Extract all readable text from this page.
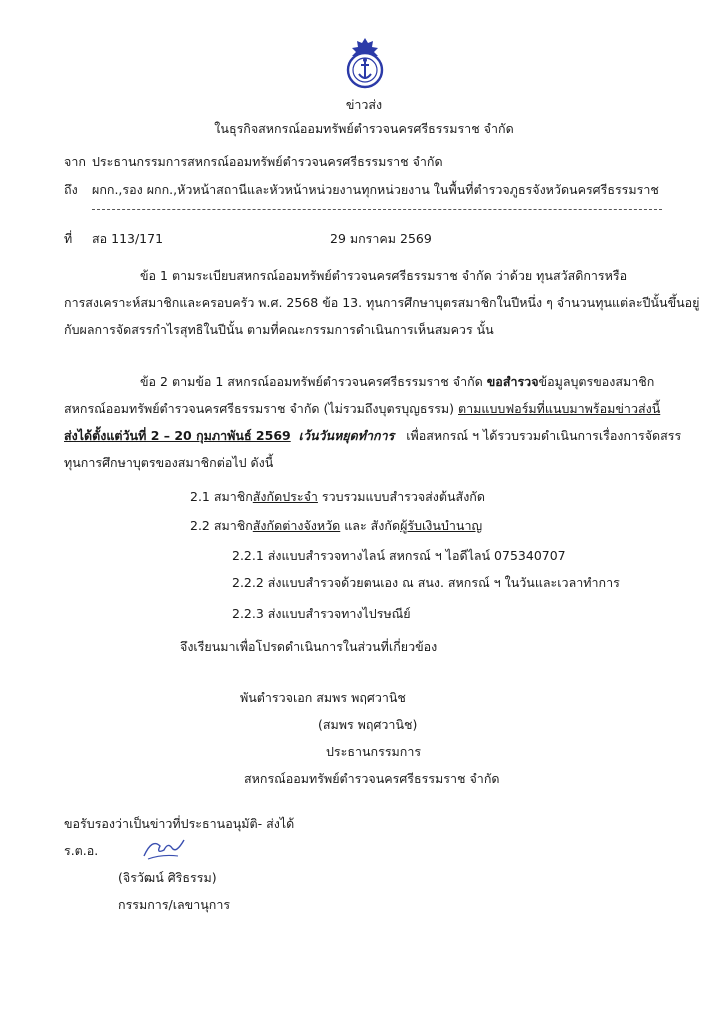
ข่าวส่ง
ในธุรกิจสหกรณ์ออมทรัพย์ตำรวจนครศรีธรรมราช จำกัด
จาก ประธานกรรมการสหกรณ์ออมทรัพย์ตำรวจนครศรีธรรมราช จำกัด
ถึง ผกก.,รอง ผกก.,หัวหน้าสถานีและหัวหน้าหน่วยงานทุกหน่วยงาน ในพื้นที่ตำรวจภูธรจังหวัดนครศรีธรรมราช
ที่ สอ 113/171	29 มกราคม 2569
ข้อ 1 ตามระเบียบสหกรณ์ออมทรัพย์ตำรวจนครศรีธรรมราช จำกัด ว่าด้วย ทุนสวัสดิการหรือ
การสงเคราะห์สมาชิกและครอบครัว พ.ศ. 2568 ข้อ 13. ทุนการศึกษาบุตรสมาชิกในปีหนึ่ง ๆ จำนวนทุนแต่ละปีนั้นขึ้นอยู่
กับผลการจัดสรรกำไรสุทธิในปีนั้น ตามที่คณะกรรมการดำเนินการเห็นสมควร นั้น
ข้อ 2 ตามข้อ 1 สหกรณ์ออมทรัพย์ตำรวจนครศรีธรรมราช จำกัด ขอสำรวจข้อมูลบุตรของสมาชิก
สหกรณ์ออมทรัพย์ตำรวจนครศรีธรรมราช จำกัด (ไม่รวมถึงบุตรบุญธรรม) ตามแบบฟอร์มที่แนบมาพร้อมข่าวส่งนี้
ส่งได้ตั้งแต่วันที่ 2 – 20 กุมภาพันธ์ 2569 เว้นวันหยุดทำการ เพื่อสหกรณ์ ฯ ได้รวบรวมดำเนินการเรื่องการจัดสรร
ทุนการศึกษาบุตรของสมาชิกต่อไป ดังนี้
2.1 สมาชิกสังกัดประจำ รวบรวมแบบสำรวจส่งต้นสังกัด
2.2 สมาชิกสังกัดต่างจังหวัด และ สังกัดผู้รับเงินบำนาญ
2.2.1 ส่งแบบสำรวจทางไลน์ สหกรณ์ ฯ ไอดีไลน์ 075340707
2.2.2 ส่งแบบสำรวจด้วยตนเอง ณ สนง. สหกรณ์ ฯ ในวันและเวลาทำการ
2.2.3 ส่งแบบสำรวจทางไปรษณีย์
จึงเรียนมาเพื่อโปรดดำเนินการในส่วนที่เกี่ยวข้อง
พันตำรวจเอก สมพร พฤศวานิช
(สมพร พฤศวานิช)
ประธานกรรมการ
สหกรณ์ออมทรัพย์ตำรวจนครศรีธรรมราช จำกัด
ขอรับรองว่าเป็นข่าวที่ประธานอนุมัติ- ส่งได้
ร.ต.อ.
(จิรวัฒน์ ศิริธรรม)
กรรมการ/เลขานุการ
